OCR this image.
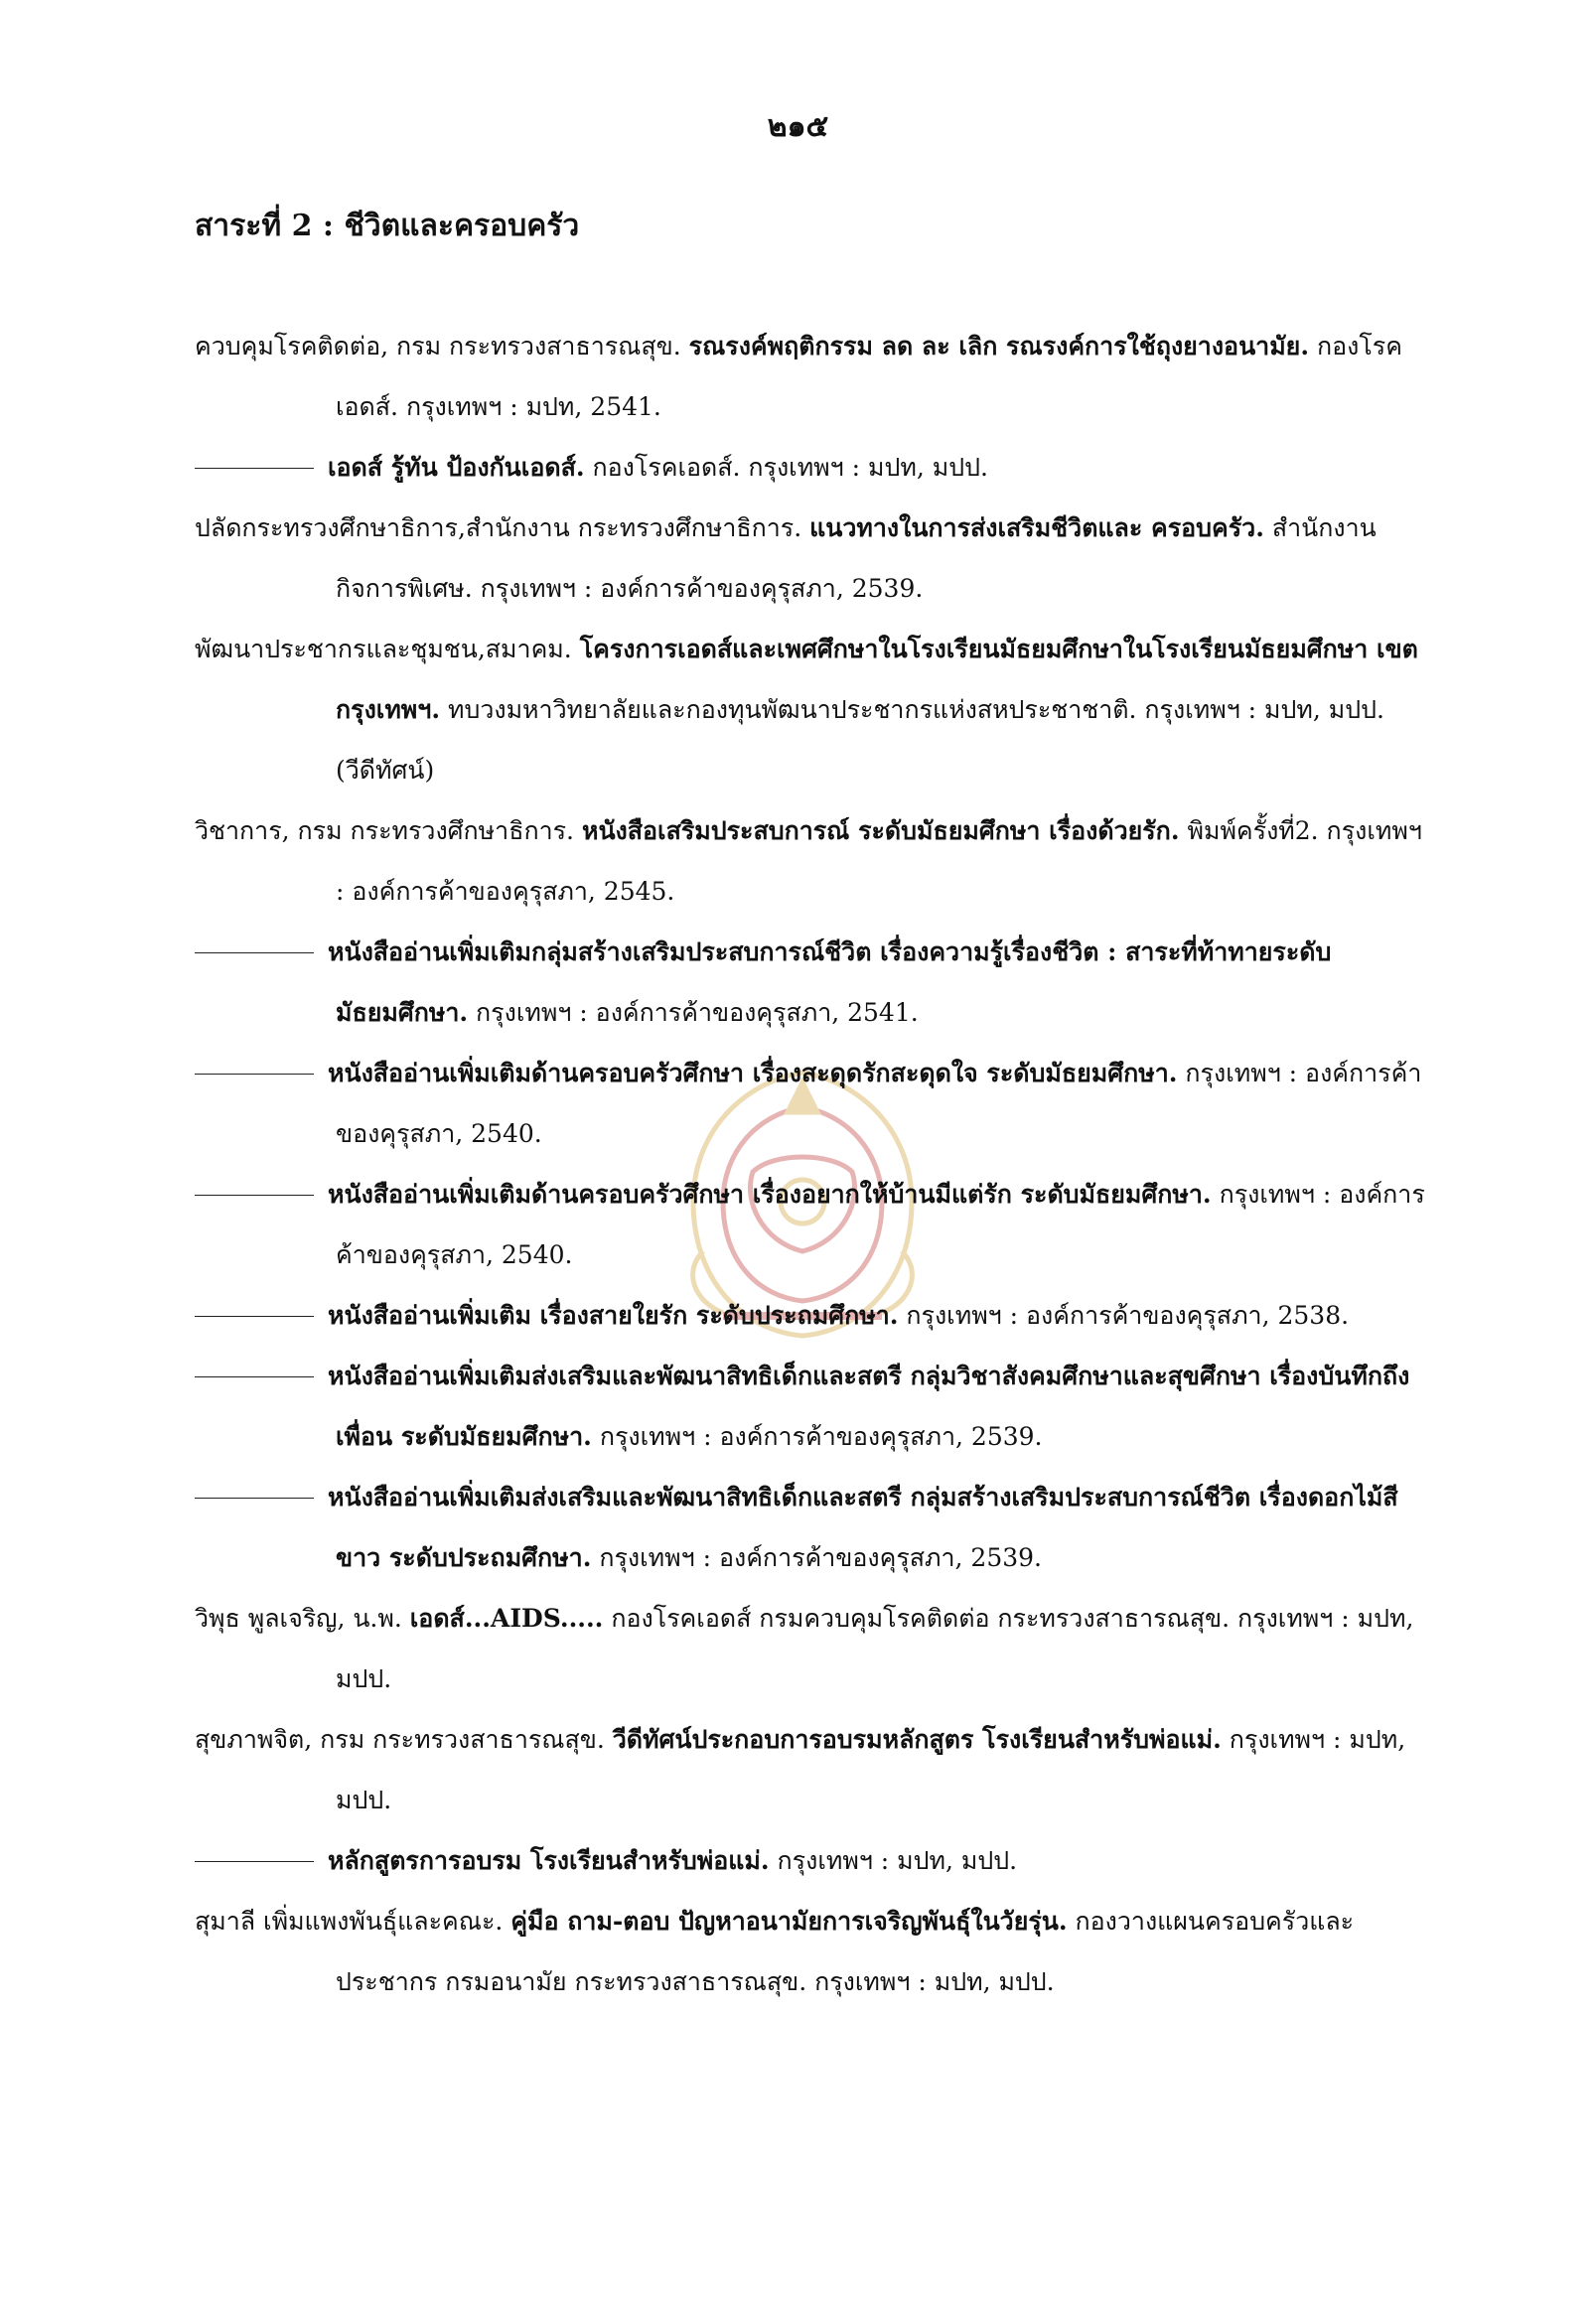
๒๑๕
สาระที่ 2 : ชีวิตและครอบครัว

ควบคุมโรคติดต่อ, กรม กระทรวงสาธารณสุข. รณรงค์พฤติกรรม ลด ละ เลิก รณรงค์การใช้ถุงยางอนามัย. กองโรคเอดส์. กรุงเทพฯ : มปท, 2541.

เอดส์ รู้ทัน ป้องกันเอดส์. กองโรคเอดส์. กรุงเทพฯ : มปท, มปป.

ปลัดกระทรวงศึกษาธิการ,สำนักงาน กระทรวงศึกษาธิการ. แนวทางในการส่งเสริมชีวิตและ ครอบครัว. สำนักงานกิจการพิเศษ. กรุงเทพฯ : องค์การค้าของคุรุสภา, 2539.

พัฒนาประชากรและชุมชน,สมาคม. โครงการเอดส์และเพศศึกษาในโรงเรียนมัธยมศึกษาในโรงเรียนมัธยมศึกษา เขตกรุงเทพฯ. ทบวงมหาวิทยาลัยและกองทุนพัฒนาประชากรแห่งสหประชาชาติ. กรุงเทพฯ : มปท, มปป. (วีดีทัศน์)

วิชาการ, กรม กระทรวงศึกษาธิการ. หนังสือเสริมประสบการณ์ ระดับมัธยมศึกษา เรื่องด้วยรัก. พิมพ์ครั้งที่2. กรุงเทพฯ : องค์การค้าของคุรุสภา, 2545.

หนังสืออ่านเพิ่มเติมกลุ่มสร้างเสริมประสบการณ์ชีวิต เรื่องความรู้เรื่องชีวิต : สาระที่ท้าทายระดับมัธยมศึกษา. กรุงเทพฯ : องค์การค้าของคุรุสภา, 2541.

หนังสืออ่านเพิ่มเติมด้านครอบครัวศึกษา เรื่องสะดุดรักสะดุดใจ ระดับมัธยมศึกษา. กรุงเทพฯ : องค์การค้าของคุรุสภา, 2540.

หนังสืออ่านเพิ่มเติมด้านครอบครัวศึกษา เรื่องอยากให้บ้านมีแต่รัก ระดับมัธยมศึกษา. กรุงเทพฯ : องค์การค้าของคุรุสภา, 2540.

หนังสืออ่านเพิ่มเติม เรื่องสายใยรัก ระดับประถมศึกษา. กรุงเทพฯ : องค์การค้าของคุรุสภา, 2538.

หนังสืออ่านเพิ่มเติมส่งเสริมและพัฒนาสิทธิเด็กและสตรี กลุ่มวิชาสังคมศึกษาและสุขศึกษา เรื่องบันทึกถึงเพื่อน ระดับมัธยมศึกษา. กรุงเทพฯ : องค์การค้าของคุรุสภา, 2539.

หนังสืออ่านเพิ่มเติมส่งเสริมและพัฒนาสิทธิเด็กและสตรี กลุ่มสร้างเสริมประสบการณ์ชีวิต เรื่องดอกไม้สีขาว ระดับประถมศึกษา. กรุงเทพฯ : องค์การค้าของคุรุสภา, 2539.

วิพุธ พูลเจริญ, น.พ. เอดส์...AIDS..... กองโรคเอดส์ กรมควบคุมโรคติดต่อ กระทรวงสาธารณสุข. กรุงเทพฯ : มปท, มปป.

สุขภาพจิต, กรม กระทรวงสาธารณสุข. วีดีทัศน์ประกอบการอบรมหลักสูตร โรงเรียนสำหรับพ่อแม่. กรุงเทพฯ : มปท, มปป.

หลักสูตรการอบรม โรงเรียนสำหรับพ่อแม่. กรุงเทพฯ : มปท, มปป.

สุมาลี เพิ่มแพงพันธุ์และคณะ. คู่มือ ถาม-ตอบ ปัญหาอนามัยการเจริญพันธุ์ในวัยรุ่น. กองวางแผนครอบครัวและประชากร กรมอนามัย กระทรวงสาธารณสุข. กรุงเทพฯ : มปท, มปป.
